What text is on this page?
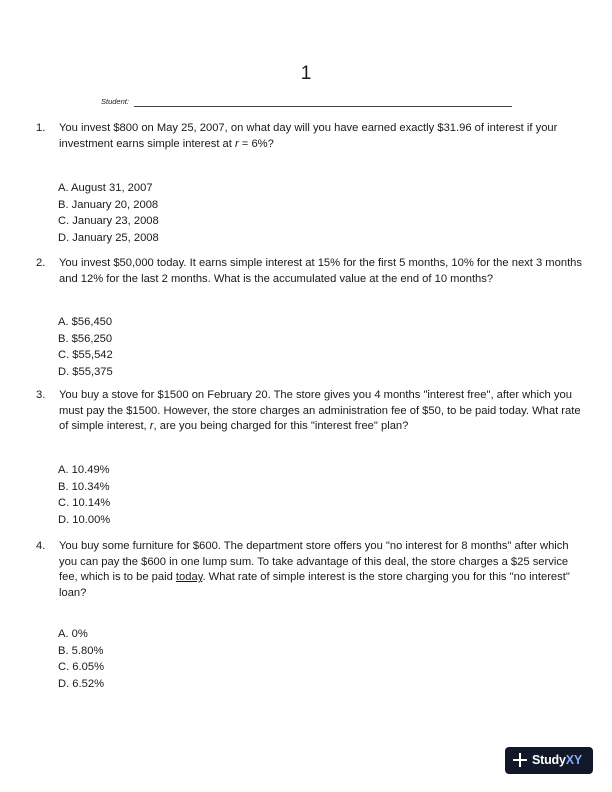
1
Student:
1.	You invest $800 on May 25, 2007, on what day will you have earned exactly $31.96 of interest if your investment earns simple interest at r = 6%?
A. August 31, 2007
B. January 20, 2008
C. January 23, 2008
D. January 25, 2008
2.	You invest $50,000 today. It earns simple interest at 15% for the first 5 months, 10% for the next 3 months and 12% for the last 2 months. What is the accumulated value at the end of 10 months?
A. $56,450
B. $56,250
C. $55,542
D. $55,375
3.	You buy a stove for $1500 on February 20. The store gives you 4 months "interest free", after which you must pay the $1500. However, the store charges an administration fee of $50, to be paid today. What rate of simple interest, r, are you being charged for this "interest free" plan?
A. 10.49%
B. 10.34%
C. 10.14%
D. 10.00%
4.	You buy some furniture for $600. The department store offers you "no interest for 8 months" after which you can pay the $600 in one lump sum. To take advantage of this deal, the store charges a $25 service fee, which is to be paid today. What rate of simple interest is the store charging you for this "no interest" loan?
A. 0%
B. 5.80%
C. 6.05%
D. 6.52%
StudyXY
